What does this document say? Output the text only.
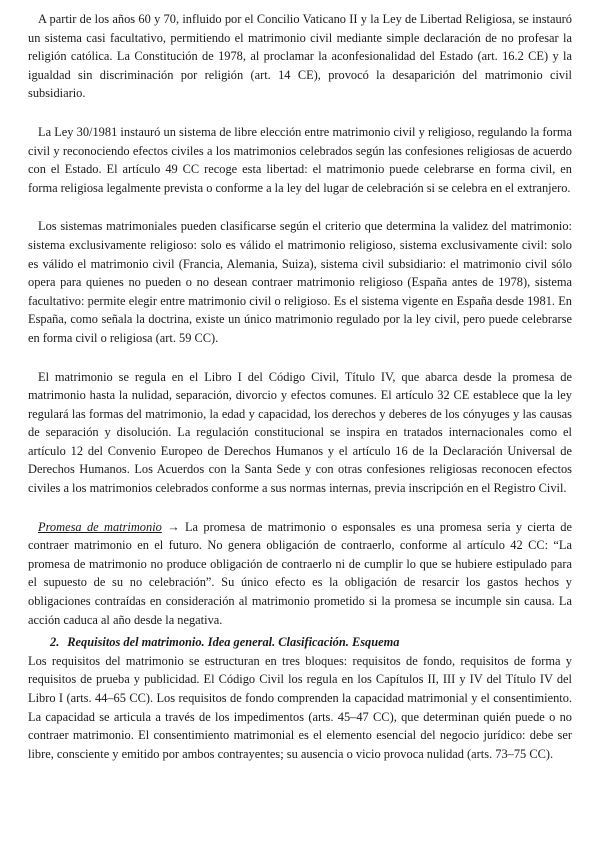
A partir de los años 60 y 70, influido por el Concilio Vaticano II y la Ley de Libertad Religiosa, se instauró un sistema casi facultativo, permitiendo el matrimonio civil mediante simple declaración de no profesar la religión católica. La Constitución de 1978, al proclamar la aconfesionalidad del Estado (art. 16.2 CE) y la igualdad sin discriminación por religión (art. 14 CE), provocó la desaparición del matrimonio civil subsidiario.

La Ley 30/1981 instauró un sistema de libre elección entre matrimonio civil y religioso, regulando la forma civil y reconociendo efectos civiles a los matrimonios celebrados según las confesiones religiosas de acuerdo con el Estado. El artículo 49 CC recoge esta libertad: el matrimonio puede celebrarse en forma civil, en forma religiosa legalmente prevista o conforme a la ley del lugar de celebración si se celebra en el extranjero.

Los sistemas matrimoniales pueden clasificarse según el criterio que determina la validez del matrimonio: sistema exclusivamente religioso: solo es válido el matrimonio religioso, sistema exclusivamente civil: solo es válido el matrimonio civil (Francia, Alemania, Suiza), sistema civil subsidiario: el matrimonio civil sólo opera para quienes no pueden o no desean contraer matrimonio religioso (España antes de 1978), sistema facultativo: permite elegir entre matrimonio civil o religioso. Es el sistema vigente en España desde 1981. En España, como señala la doctrina, existe un único matrimonio regulado por la ley civil, pero puede celebrarse en forma civil o religiosa (art. 59 CC).

El matrimonio se regula en el Libro I del Código Civil, Título IV, que abarca desde la promesa de matrimonio hasta la nulidad, separación, divorcio y efectos comunes. El artículo 32 CE establece que la ley regulará las formas del matrimonio, la edad y capacidad, los derechos y deberes de los cónyuges y las causas de separación y disolución. La regulación constitucional se inspira en tratados internacionales como el artículo 12 del Convenio Europeo de Derechos Humanos y el artículo 16 de la Declaración Universal de Derechos Humanos. Los Acuerdos con la Santa Sede y con otras confesiones religiosas reconocen efectos civiles a los matrimonios celebrados conforme a sus normas internas, previa inscripción en el Registro Civil.

Promesa de matrimonio → La promesa de matrimonio o esponsales es una promesa seria y cierta de contraer matrimonio en el futuro. No genera obligación de contraerlo, conforme al artículo 42 CC: “La promesa de matrimonio no produce obligación de contraerlo ni de cumplir lo que se hubiere estipulado para el supuesto de su no celebración”. Su único efecto es la obligación de resarcir los gastos hechos y obligaciones contraídas en consideración al matrimonio prometido si la promesa se incumple sin causa. La acción caduca al año desde la negativa.

2. Requisitos del matrimonio. Idea general. Clasificación. Esquema

Los requisitos del matrimonio se estructuran en tres bloques: requisitos de fondo, requisitos de forma y requisitos de prueba y publicidad. El Código Civil los regula en los Capítulos II, III y IV del Título IV del Libro I (arts. 44–65 CC). Los requisitos de fondo comprenden la capacidad matrimonial y el consentimiento. La capacidad se articula a través de los impedimentos (arts. 45–47 CC), que determinan quién puede o no contraer matrimonio. El consentimiento matrimonial es el elemento esencial del negocio jurídico: debe ser libre, consciente y emitido por ambos contrayentes; su ausencia o vicio provoca nulidad (arts. 73–75 CC).
